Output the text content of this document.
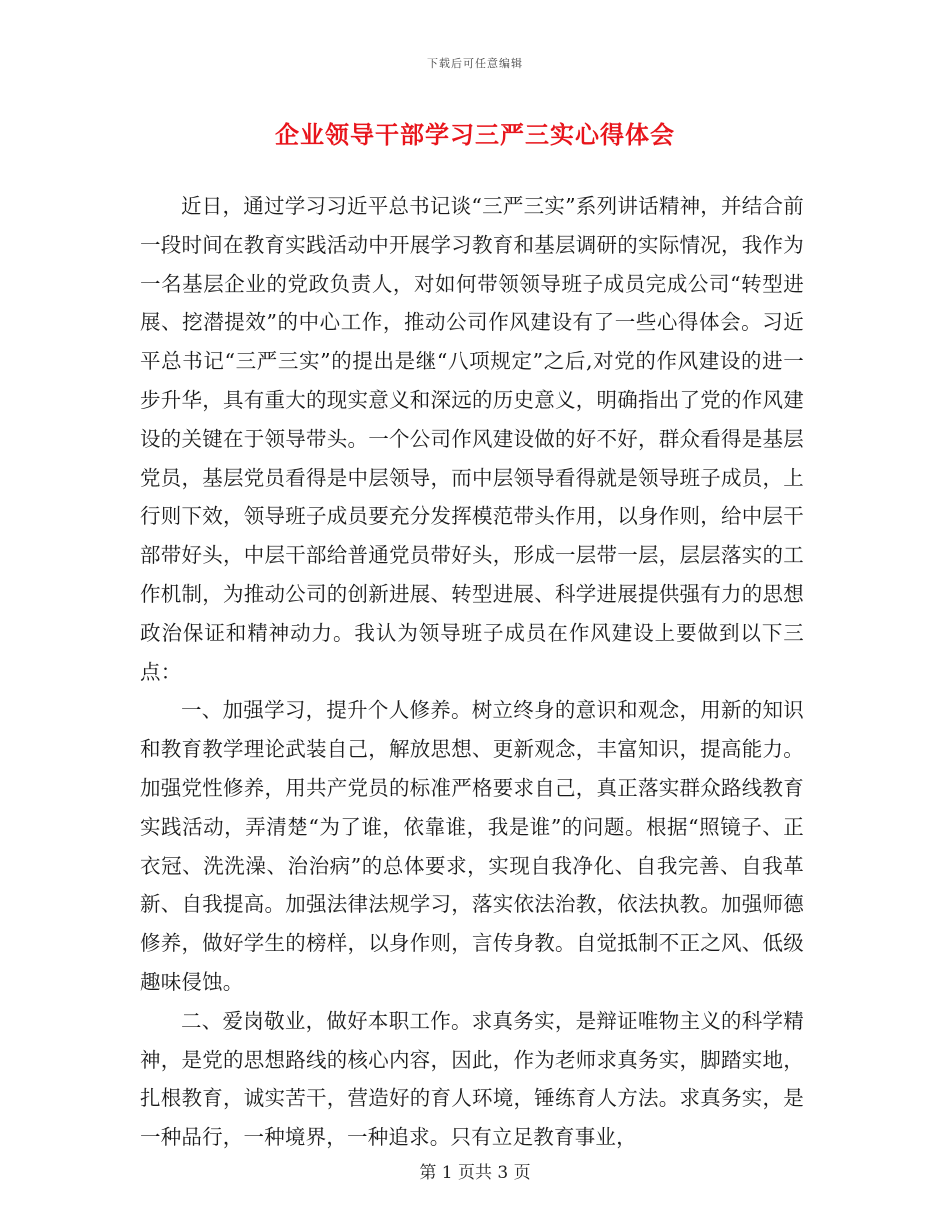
下载后可任意编辑
企业领导干部学习三严三实心得体会

近日，通过学习习近平总书记谈“三严三实”系列讲话精神，并结合前一段时间在教育实践活动中开展学习教育和基层调研的实际情况，我作为一名基层企业的党政负责人，对如何带领领导班子成员完成公司“转型进展、挖潜提效”的中心工作，推动公司作风建设有了一些心得体会。习近平总书记“三严三实”的提出是继“八项规定”之后,对党的作风建设的进一步升华，具有重大的现实意义和深远的历史意义，明确指出了党的作风建设的关键在于领导带头。一个公司作风建设做的好不好，群众看得是基层党员，基层党员看得是中层领导，而中层领导看得就是领导班子成员，上行则下效，领导班子成员要充分发挥模范带头作用，以身作则，给中层干部带好头，中层干部给普通党员带好头，形成一层带一层，层层落实的工作机制，为推动公司的创新进展、转型进展、科学进展提供强有力的思想政治保证和精神动力。我认为领导班子成员在作风建设上要做到以下三点：

一、加强学习，提升个人修养。树立终身的意识和观念，用新的知识和教育教学理论武装自己，解放思想、更新观念，丰富知识，提高能力。加强党性修养，用共产党员的标准严格要求自己，真正落实群众路线教育实践活动，弄清楚“为了谁，依靠谁，我是谁”的问题。根据“照镜子、正衣冠、洗洗澡、治治病”的总体要求，实现自我净化、自我完善、自我革新、自我提高。加强法律法规学习，落实依法治教，依法执教。加强师德修养，做好学生的榜样，以身作则，言传身教。自觉抵制不正之风、低级趣味侵蚀。

二、爱岗敬业，做好本职工作。求真务实，是辩证唯物主义的科学精神，是党的思想路线的核心内容，因此，作为老师求真务实，脚踏实地，扎根教育，诚实苦干，营造好的育人环境，锤练育人方法。求真务实，是一种品行，一种境界，一种追求。只有立足教育事业，

第 1 页共 3 页
